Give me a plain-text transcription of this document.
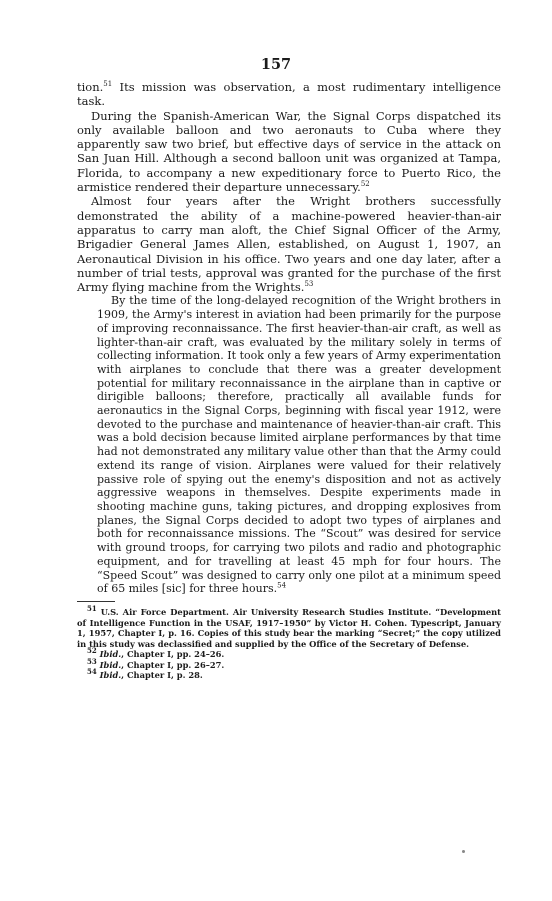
157

tion.$^{51}$ Its mission was observation, a most rudimentary intelligence task.

During the Spanish-American War, the Signal Corps dispatched its only available balloon and two aeronauts to Cuba where they apparently saw two brief, but effective days of service in the attack on San Juan Hill. Although a second balloon unit was organized at Tampa, Florida, to accompany a new expeditionary force to Puerto Rico, the armistice rendered their departure unnecessary.$^{52}$

Almost four years after the Wright brothers successfully demonstrated the ability of a machine-powered heavier-than-air apparatus to carry man aloft, the Chief Signal Officer of the Army, Brigadier General James Allen, established, on August 1, 1907, an Aeronautical Division in his office. Two years and one day later, after a number of trial tests, approval was granted for the purchase of the first Army flying machine from the Wrights.$^{53}$

By the time of the long-delayed recognition of the Wright brothers in 1909, the Army's interest in aviation had been primarily for the purpose of improving reconnaissance. The first heavier-than-air craft, as well as lighter-than-air craft, was evaluated by the military solely in terms of collecting information. It took only a few years of Army experimentation with airplanes to conclude that there was a greater development potential for military reconnaissance in the airplane than in captive or dirigible balloons; therefore, practically all available funds for aeronautics in the Signal Corps, beginning with fiscal year 1912, were devoted to the purchase and maintenance of heavier-than-air craft. This was a bold decision because limited airplane performances by that time had not demonstrated any military value other than that the Army could extend its range of vision. Airplanes were valued for their relatively passive role of spying out the enemy's disposition and not as actively aggressive weapons in themselves. Despite experiments made in shooting machine guns, taking pictures, and dropping explosives from planes, the Signal Corps decided to adopt two types of airplanes and both for reconnaissance missions. The “Scout” was desired for service with ground troops, for carrying two pilots and radio and photographic equipment, and for travelling at least 45 mph for four hours. The “Speed Scout” was designed to carry only one pilot at a minimum speed of 65 miles [sic] for three hours.$^{54}$

$^{51}$ U.S. Air Force Department. Air University Research Studies Institute. “Development of Intelligence Function in the USAF, 1917–1950” by Victor H. Cohen. Typescript, January 1, 1957, Chapter I, p. 16. Copies of this study bear the marking “Secret;” the copy utilized in this study was declassified and supplied by the Office of the Secretary of Defense.

$^{52}$ Ibid., Chapter I, pp. 24–26.

$^{53}$ Ibid., Chapter I, pp. 26–27.

$^{54}$ Ibid., Chapter I, p. 28.
